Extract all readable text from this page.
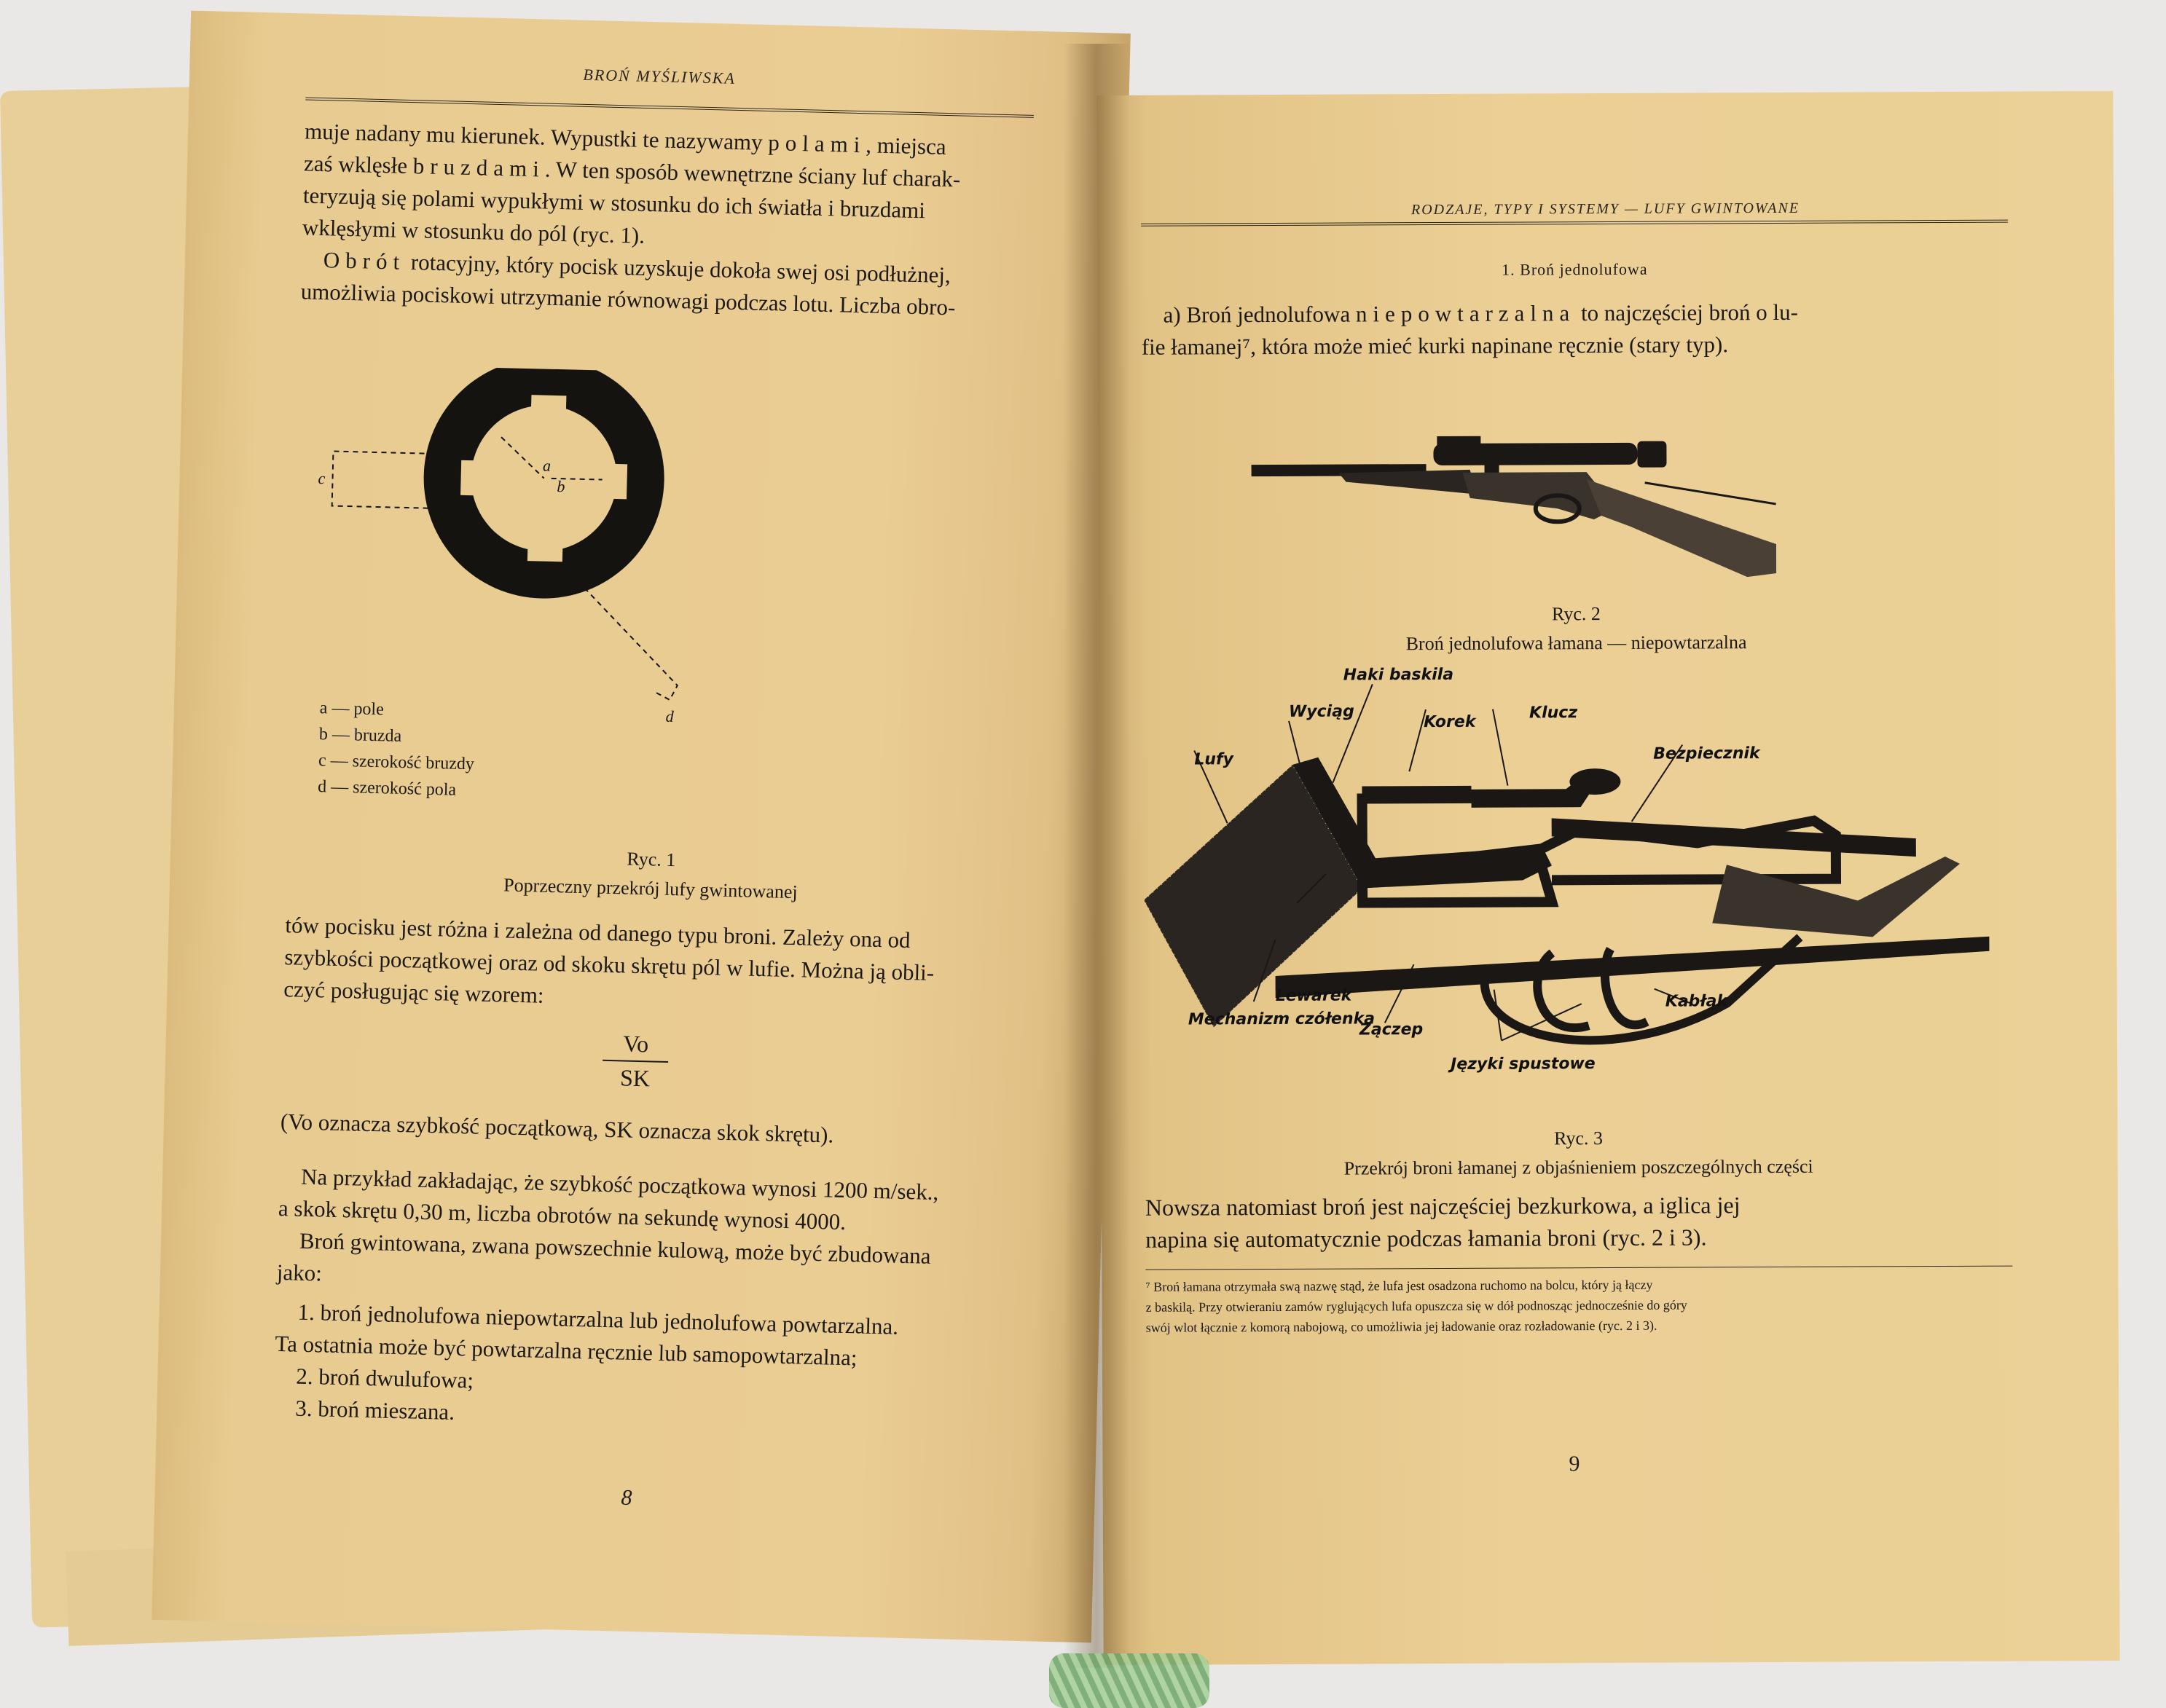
BROŃ MYŚLIWSKA

muje nadany mu kierunek. Wypustki te nazywamy polami, miejsca

zaś wklęsłe bruzdami. W ten sposób wewnętrzne ściany luf charak-

teryzują się polami wypukłymi w stosunku do ich światła i bruzdami

wklęsłymi w stosunku do pól (ryc. 1).

Obrót rotacyjny, który pocisk uzyskuje dokoła swej osi podłużnej,

umożliwia pociskowi utrzymanie równowagi podczas lotu. Liczba obro-

a
b
c
d
a — pole
b — bruzda
c — szerokość bruzdy
d — szerokość pola
Ryc. 1
Poprzeczny przekrój lufy gwintowanej

tów pocisku jest różna i zależna od danego typu broni. Zależy ona od

szybkości początkowej oraz od skoku skrętu pól w lufie. Można ją obli-

czyć posługując się wzorem:

Vo
SK

(Vo oznacza szybkość początkową, SK oznacza skok skrętu).

Na przykład zakładając, że szybkość początkowa wynosi 1200 m/sek.,

a skok skrętu 0,30 m, liczba obrotów na sekundę wynosi 4000.

Broń gwintowana, zwana powszechnie kulową, może być zbudowana

jako:

1. broń jednolufowa niepowtarzalna lub jednolufowa powtarzalna.

Ta ostatnia może być powtarzalna ręcznie lub samopowtarzalna;

2. broń dwulufowa;

3. broń mieszana.

8
RODZAJE, TYPY I SYSTEMY — LUFY GWINTOWANE
1. Broń jednolufowa

a) Broń jednolufowa niepowtarzalna to najczęściej broń o lu-

fie łamanej⁷, która może mieć kurki napinane ręcznie (stary typ).

Ryc. 2
Broń jednolufowa łamana — niepowtarzalna
Haki baskila
Wyciąg
Korek	Klucz
Bezpiecznik
Lufy
Lewarek
Mechanizm czółenka
Zączep
Kabłąk
Języki spustowe
Ryc. 3
Przekrój broni łamanej z objaśnieniem poszczególnych części

Nowsza natomiast broń jest najczęściej bezkurkowa, a iglica jej

napina się automatycznie podczas łamania broni (ryc. 2 i 3).

⁷ Broń łamana otrzymała swą nazwę stąd, że lufa jest osadzona ruchomo na bolcu, który ją łączy
z baskilą. Przy otwieraniu zamów ryglujących lufa opuszcza się w dół podnosząc jednocześnie do góry
swój wlot łącznie z komorą nabojową, co umożliwia jej ładowanie oraz rozładowanie (ryc. 2 i 3).
9
